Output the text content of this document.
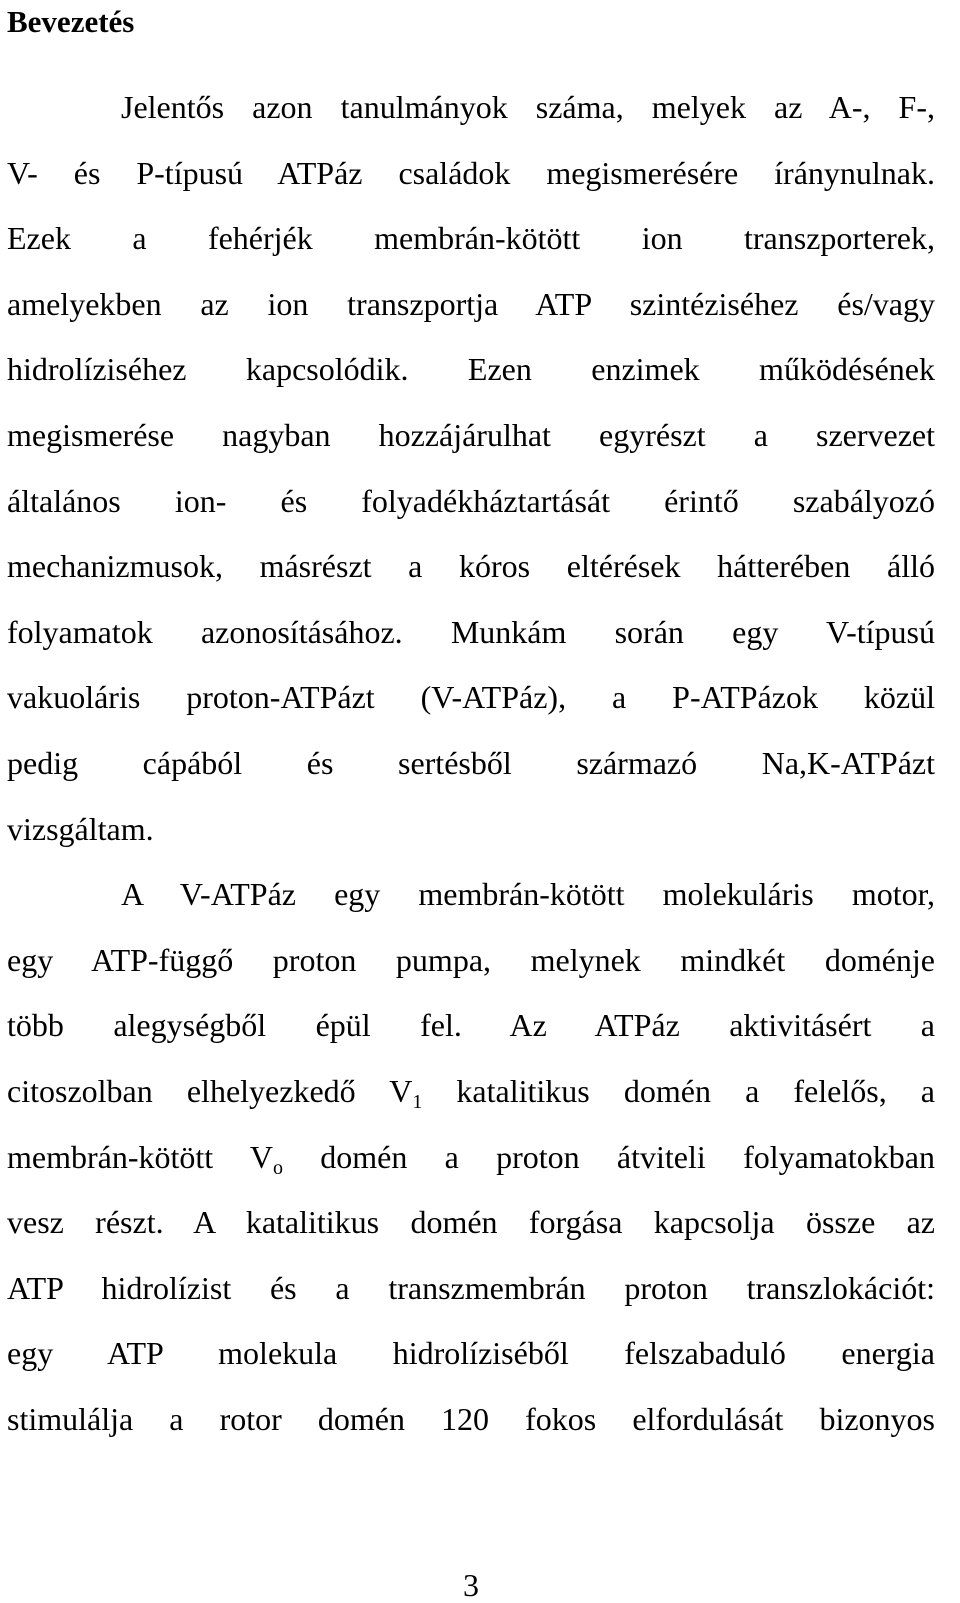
Bevezetés
Jelentős azon tanulmányok száma, melyek az A-, F-,
V- és P-típusú ATPáz családok megismerésére íránynulnak.
Ezek a fehérjék membrán-kötött ion transzporterek,
amelyekben az ion transzportja ATP szintéziséhez és/vagy
hidrolíziséhez kapcsolódik. Ezen enzimek működésének
megismerése nagyban hozzájárulhat egyrészt a szervezet
általános ion- és folyadékháztartását érintő szabályozó
mechanizmusok, másrészt a kóros eltérések hátterében álló
folyamatok azonosításához. Munkám során egy V-típusú
vakuoláris proton-ATPázt (V-ATPáz), a P-ATPázok közül
pedig cápából és sertésből származó Na,K-ATPázt
vizsgáltam.
A V-ATPáz egy membrán-kötött molekuláris motor,
egy ATP-függő proton pumpa, melynek mindkét doménje
több alegységből épül fel. Az ATPáz aktivitásért a
citoszolban elhelyezkedő $V_1$ katalitikus domén a felelős, a
membrán-kötött $V_o$ domén a proton átviteli folyamatokban
vesz részt. A katalitikus domén forgása kapcsolja össze az
ATP hidrolízist és a transzmembrán proton transzlokációt:
egy ATP molekula hidrolíziséből felszabaduló energia
stimulálja a rotor domén 120 fokos elfordulását bizonyos
3
